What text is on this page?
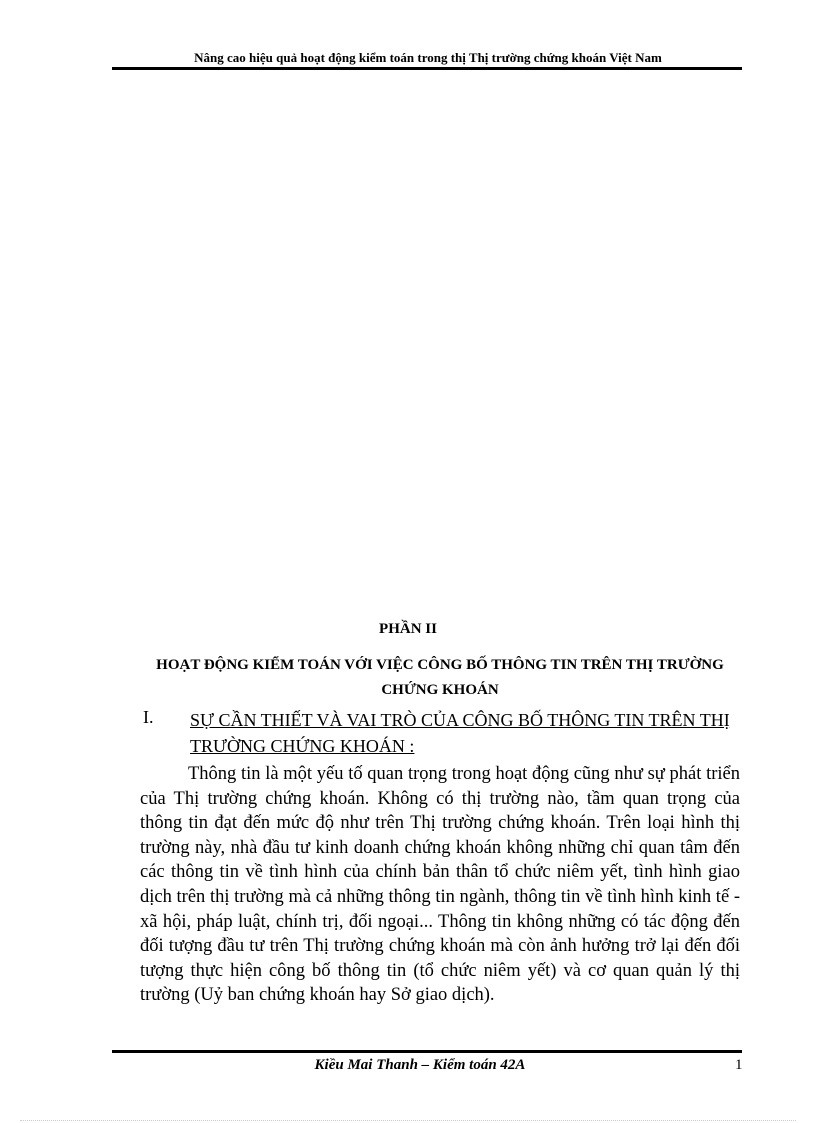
Nâng cao hiệu quả hoạt động kiểm toán trong thị Thị trường chứng khoán Việt Nam
PHẦN II
HOẠT ĐỘNG KIỂM TOÁN VỚI VIỆC CÔNG BỐ THÔNG TIN TRÊN THỊ TRƯỜNG CHỨNG KHOÁN
I. SỰ CẦN THIẾT VÀ VAI TRÒ CỦA CÔNG BỐ THÔNG TIN TRÊN THỊ TRƯỜNG CHỨNG KHOÁN :

Thông tin là một yếu tố quan trọng trong hoạt động cũng như sự phát triển của Thị trường chứng khoán. Không có thị trường nào, tầm quan trọng của thông tin đạt đến mức độ như trên Thị trường chứng khoán. Trên loại hình thị trường này, nhà đầu tư kinh doanh chứng khoán không những chỉ quan tâm đến các thông tin về tình hình của chính bản thân tổ chức niêm yết, tình hình giao dịch trên thị trường mà cả những thông tin ngành, thông tin về tình hình kinh tế - xã hội, pháp luật, chính trị, đối ngoại... Thông tin không những có tác động đến đối tượng đầu tư trên Thị trường chứng khoán mà còn ảnh hưởng trở lại đến đối tượng thực hiện công bố thông tin (tổ chức niêm yết) và cơ quan quản lý thị trường (Uỷ ban chứng khoán hay Sở giao dịch).

Kiều Mai Thanh – Kiểm toán 42A	1
